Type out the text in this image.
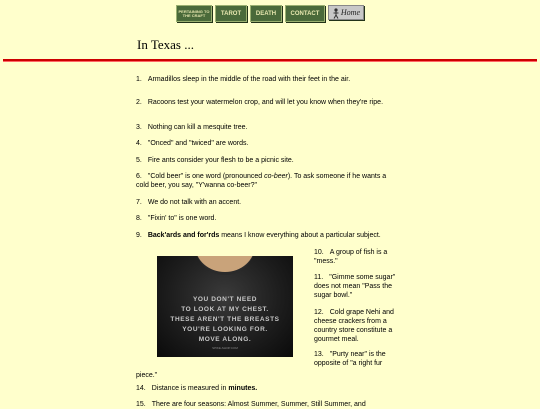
PERTAINING TO THE CRAFT	TAROT	DEATH	CONTACT	Home
In Texas ...
1. Armadillos sleep in the middle of the road with their feet in the air.
2. Racoons test your watermelon crop, and will let you know when they're ripe.
3. Nothing can kill a mesquite tree.
4. "Onced" and "twiced" are words.
5. Fire ants consider your flesh to be a picnic site.
6. "Cold beer" is one word (pronounced co-beer). To ask someone if he wants a cold beer, you say, "Y'wanna co-beer?"
7. We do not talk with an accent.
8. "Fixin' to" is one word.
9. Back'ards and for'rds means I know everything about a particular subject.
piece."
14. Distance is measured in minutes.
15. There are four seasons: Almost Summer, Summer, Still Summer, and
10. A group of fish is a "mess."
11. "Gimme some sugar" does not mean "Pass the sugar bowl."
12. Cold grape Nehi and cheese crackers from a country store constitute a gourmet meal.
13. "Purty near" is the opposite of "a right fur
YOU DON'T NEED
TO LOOK AT MY CHEST.
THESE AREN'T THE BREASTS
YOU'RE LOOKING FOR.
MOVE ALONG.
SPIKE-SHOP.COM
